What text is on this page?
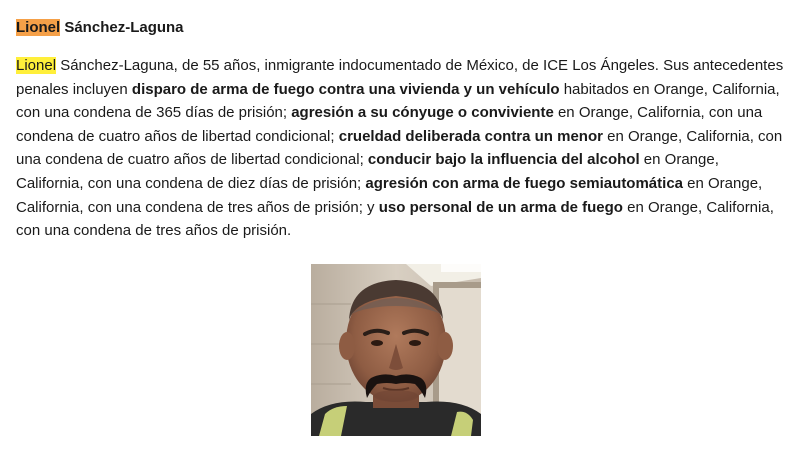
Lionel Sánchez-Laguna

Lionel Sánchez-Laguna, de 55 años, inmigrante indocumentado de México, de ICE Los Ángeles. Sus antecedentes penales incluyen disparo de arma de fuego contra una vivienda y un vehículo habitados en Orange, California, con una condena de 365 días de prisión; agresión a su cónyuge o conviviente en Orange, California, con una condena de cuatro años de libertad condicional; crueldad deliberada contra un menor en Orange, California, con una condena de cuatro años de libertad condicional; conducir bajo la influencia del alcohol en Orange, California, con una condena de diez días de prisión; agresión con arma de fuego semiautomática en Orange, California, con una condena de tres años de prisión; y uso personal de un arma de fuego en Orange, California, con una condena de tres años de prisión.
